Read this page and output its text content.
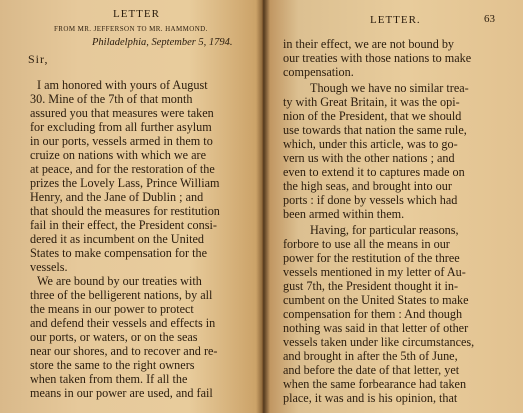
LETTER
FROM MR. JEFFERSON TO MR. HAMMOND.
Philadelphia, September 5, 1794.
Sir,
I am honored with yours of August
30. Mine of the 7th of that month
assured you that measures were taken
for excluding from all further asylum
in our ports, vessels armed in them to
cruize on nations with which we are
at peace, and for the restoration of the
prizes the Lovely Lass, Prince William
Henry, and the Jane of Dublin ; and
that should the measures for restitution
fail in their effect, the President consi-
dered it as incumbent on the United
States to make compensation for the
vessels.
We are bound by our treaties with
three of the belligerent nations, by all
the means in our power to protect
and defend their vessels and effects in
our ports, or waters, or on the seas
near our shores, and to recover and re-
store the same to the right owners
when taken from them. If all the
means in our power are used, and fail
LETTER.	63
in their effect, we are not bound by
our treaties with those nations to make
compensation.
Though we have no similar trea-
ty with Great Britain, it was the opi-
nion of the President, that we should
use towards that nation the same rule,
which, under this article, was to go-
vern us with the other nations ; and
even to extend it to captures made on
the high seas, and brought into our
ports : if done by vessels which had
been armed within them.
Having, for particular reasons,
forbore to use all the means in our
power for the restitution of the three
vessels mentioned in my letter of Au-
gust 7th, the President thought it in-
cumbent on the United States to make
compensation for them : And though
nothing was said in that letter of other
vessels taken under like circumstances,
and brought in after the 5th of June,
and before the date of that letter, yet
when the same forbearance had taken
place, it was and is his opinion, that
